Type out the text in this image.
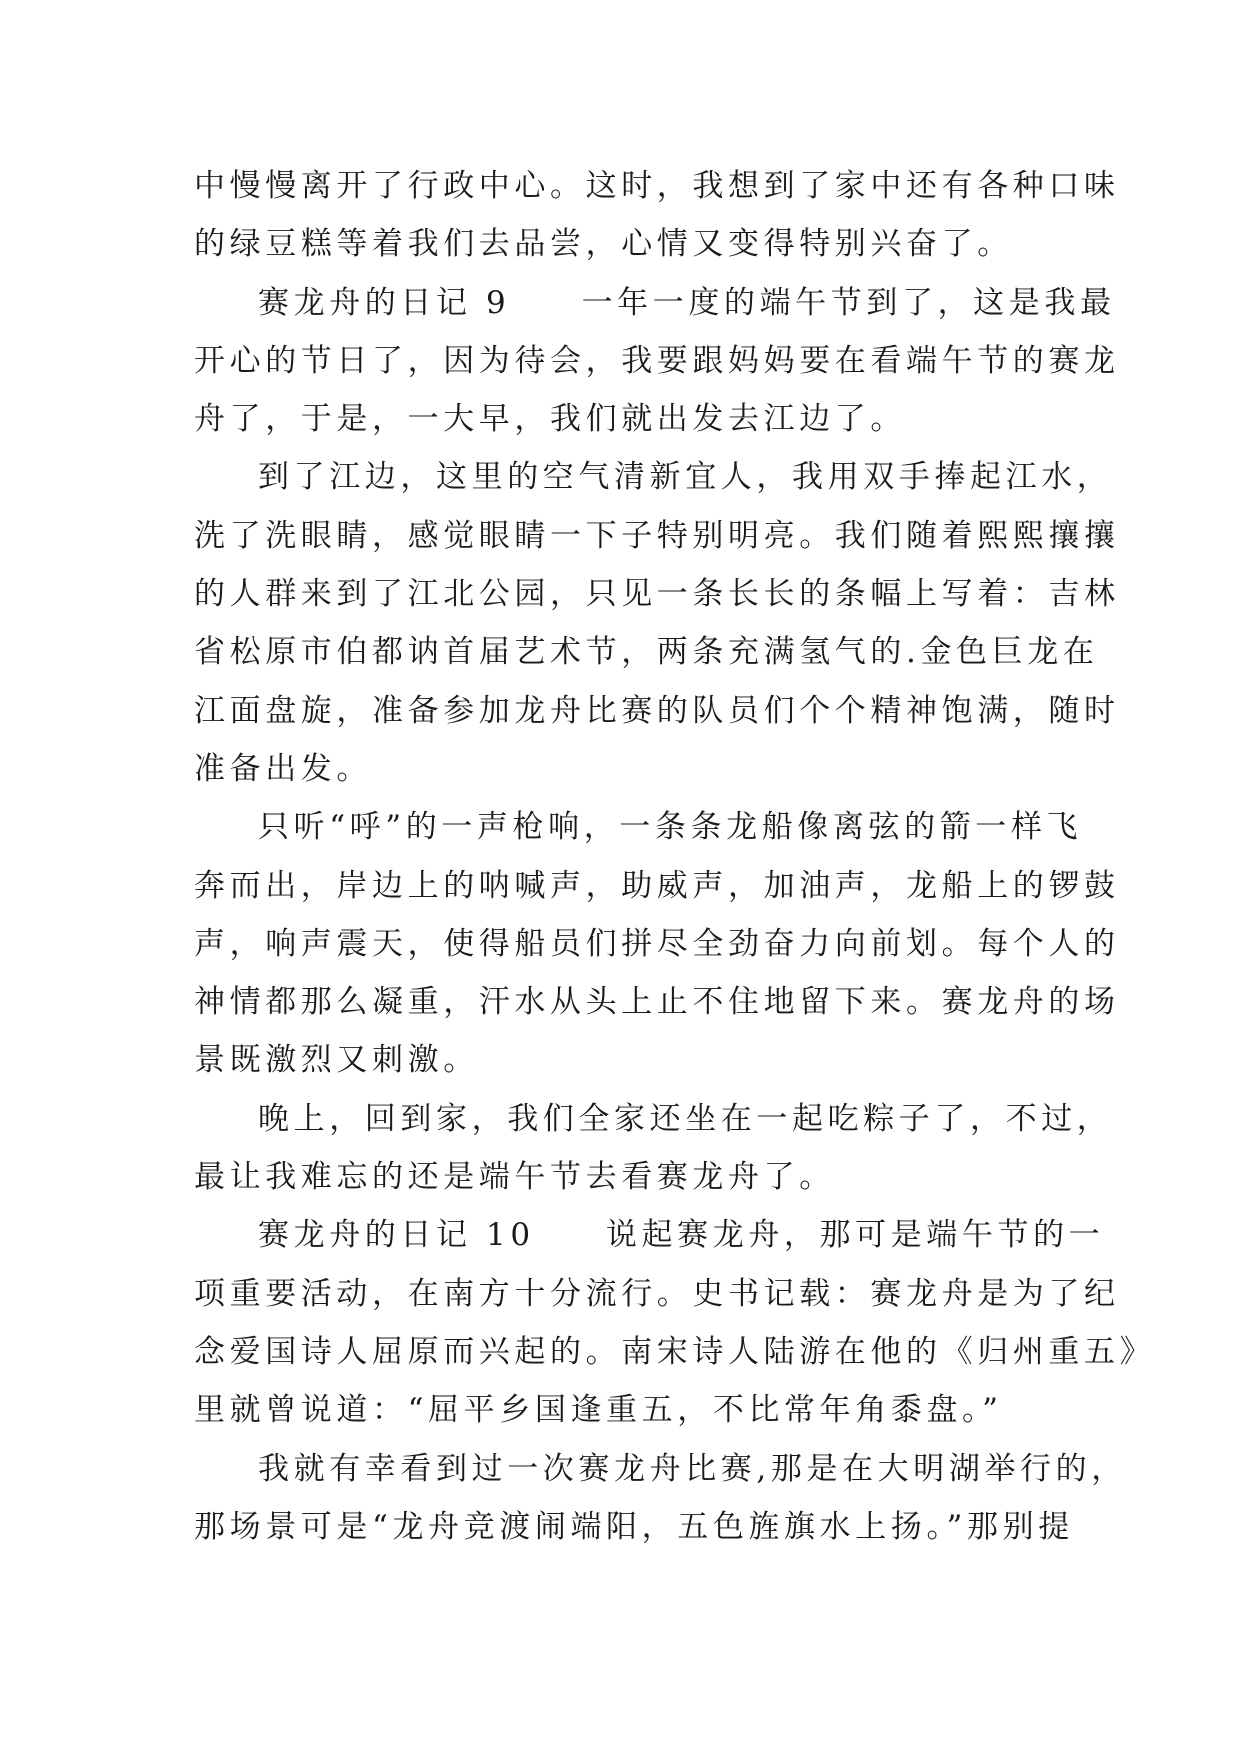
中慢慢离开了行政中心。这时，我想到了家中还有各种口味
的绿豆糕等着我们去品尝，心情又变得特别兴奋了。
赛龙舟的日记 9　　一年一度的端午节到了，这是我最
开心的节日了，因为待会，我要跟妈妈要在看端午节的赛龙
舟了，于是，一大早，我们就出发去江边了。
到了江边，这里的空气清新宜人，我用双手捧起江水，
洗了洗眼睛，感觉眼睛一下子特别明亮。我们随着熙熙攘攘
的人群来到了江北公园，只见一条长长的条幅上写着：吉林
省松原市伯都讷首届艺术节，两条充满氢气的.金色巨龙在
江面盘旋，准备参加龙舟比赛的队员们个个精神饱满，随时
准备出发。
只听“呼”的一声枪响，一条条龙船像离弦的箭一样飞
奔而出，岸边上的呐喊声，助威声，加油声，龙船上的锣鼓
声，响声震天，使得船员们拼尽全劲奋力向前划。每个人的
神情都那么凝重，汗水从头上止不住地留下来。赛龙舟的场
景既激烈又刺激。
晚上，回到家，我们全家还坐在一起吃粽子了，不过，
最让我难忘的还是端午节去看赛龙舟了。
赛龙舟的日记 10　　说起赛龙舟，那可是端午节的一
项重要活动，在南方十分流行。史书记载：赛龙舟是为了纪
念爱国诗人屈原而兴起的。南宋诗人陆游在他的《归州重五》
里就曾说道：“屈平乡国逢重五，不比常年角黍盘。”
我就有幸看到过一次赛龙舟比赛,那是在大明湖举行的，
那场景可是“龙舟竞渡闹端阳，五色旌旗水上扬。”那别提
